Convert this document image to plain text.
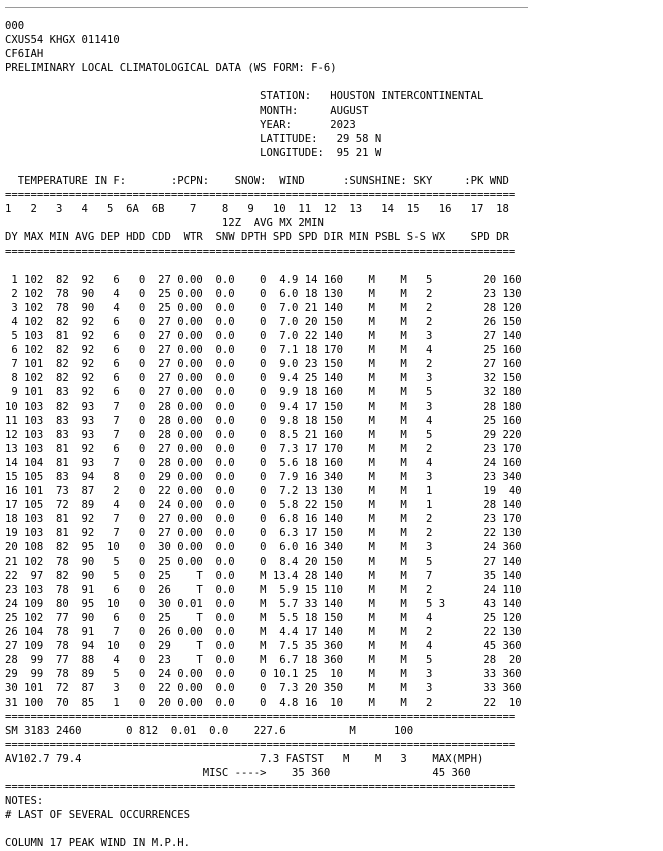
000
CXUS54 KHGX 011410
CF6IAH
PRELIMINARY LOCAL CLIMATOLOGICAL DATA (WS FORM: F-6)

STATION:   HOUSTON INTERCONTINENTAL
MONTH:     AUGUST
YEAR:      2023
LATITUDE:   29 58 N
LONGITUDE:  95 21 W

TEMPERATURE IN F:       :PCPN:    SNOW:  WIND      :SUNSHINE: SKY     :PK WND
================================================================================
1   2   3   4   5  6A  6B    7    8   9   10  11  12  13   14  15   16   17  18
12Z  AVG MX 2MIN
DY MAX MIN AVG DEP HDD CDD  WTR  SNW DPTH SPD SPD DIR MIN PSBL S-S WX    SPD DR
================================================================================

1 102  82  92   6   0  27 0.00  0.0    0  4.9 14 160    M    M   5        20 160
2 102  78  90   4   0  25 0.00  0.0    0  6.0 18 130    M    M   2        23 130
3 102  78  90   4   0  25 0.00  0.0    0  7.0 21 140    M    M   2        28 120
4 102  82  92   6   0  27 0.00  0.0    0  7.0 20 150    M    M   2        26 150
5 103  81  92   6   0  27 0.00  0.0    0  7.0 22 140    M    M   3        27 140
6 102  82  92   6   0  27 0.00  0.0    0  7.1 18 170    M    M   4        25 160
7 101  82  92   6   0  27 0.00  0.0    0  9.0 23 150    M    M   2        27 160
8 102  82  92   6   0  27 0.00  0.0    0  9.4 25 140    M    M   3        32 150
9 101  83  92   6   0  27 0.00  0.0    0  9.9 18 160    M    M   5        32 180
10 103  82  93   7   0  28 0.00  0.0    0  9.4 17 150    M    M   3        28 180
11 103  83  93   7   0  28 0.00  0.0    0  9.8 18 150    M    M   4        25 160
12 103  83  93   7   0  28 0.00  0.0    0  8.5 21 160    M    M   5        29 220
13 103  81  92   6   0  27 0.00  0.0    0  7.3 17 170    M    M   2        23 170
14 104  81  93   7   0  28 0.00  0.0    0  5.6 18 160    M    M   4        24 160
15 105  83  94   8   0  29 0.00  0.0    0  7.9 16 340    M    M   3        23 340
16 101  73  87   2   0  22 0.00  0.0    0  7.2 13 130    M    M   1        19  40
17 105  72  89   4   0  24 0.00  0.0    0  5.8 22 150    M    M   1        28 140
18 103  81  92   7   0  27 0.00  0.0    0  6.8 16 140    M    M   2        23 170
19 103  81  92   7   0  27 0.00  0.0    0  6.3 17 150    M    M   2        22 130
20 108  82  95  10   0  30 0.00  0.0    0  6.0 16 340    M    M   3        24 360
21 102  78  90   5   0  25 0.00  0.0    0  8.4 20 150    M    M   5        27 140
22  97  82  90   5   0  25    T  0.0    M 13.4 28 140    M    M   7        35 140
23 103  78  91   6   0  26    T  0.0    M  5.9 15 110    M    M   2        24 110
24 109  80  95  10   0  30 0.01  0.0    M  5.7 33 140    M    M   5 3      43 140
25 102  77  90   6   0  25    T  0.0    M  5.5 18 150    M    M   4        25 120
26 104  78  91   7   0  26 0.00  0.0    M  4.4 17 140    M    M   2        22 130
27 109  78  94  10   0  29    T  0.0    M  7.5 35 360    M    M   4        45 360
28  99  77  88   4   0  23    T  0.0    M  6.7 18 360    M    M   5        28  20
29  99  78  89   5   0  24 0.00  0.0    0 10.1 25  10    M    M   3        33 360
30 101  72  87   3   0  22 0.00  0.0    0  7.3 20 350    M    M   3        33 360
31 100  70  85   1   0  20 0.00  0.0    0  4.8 16  10    M    M   2        22  10
================================================================================
SM 3183 2460       0 812  0.01  0.0    227.6          M      100
================================================================================
AV102.7 79.4                            7.3 FASTST   M    M   3    MAX(MPH)
MISC ---->    35 360                45 360
================================================================================
NOTES:
# LAST OF SEVERAL OCCURRENCES

COLUMN 17 PEAK WIND IN M.P.H.
